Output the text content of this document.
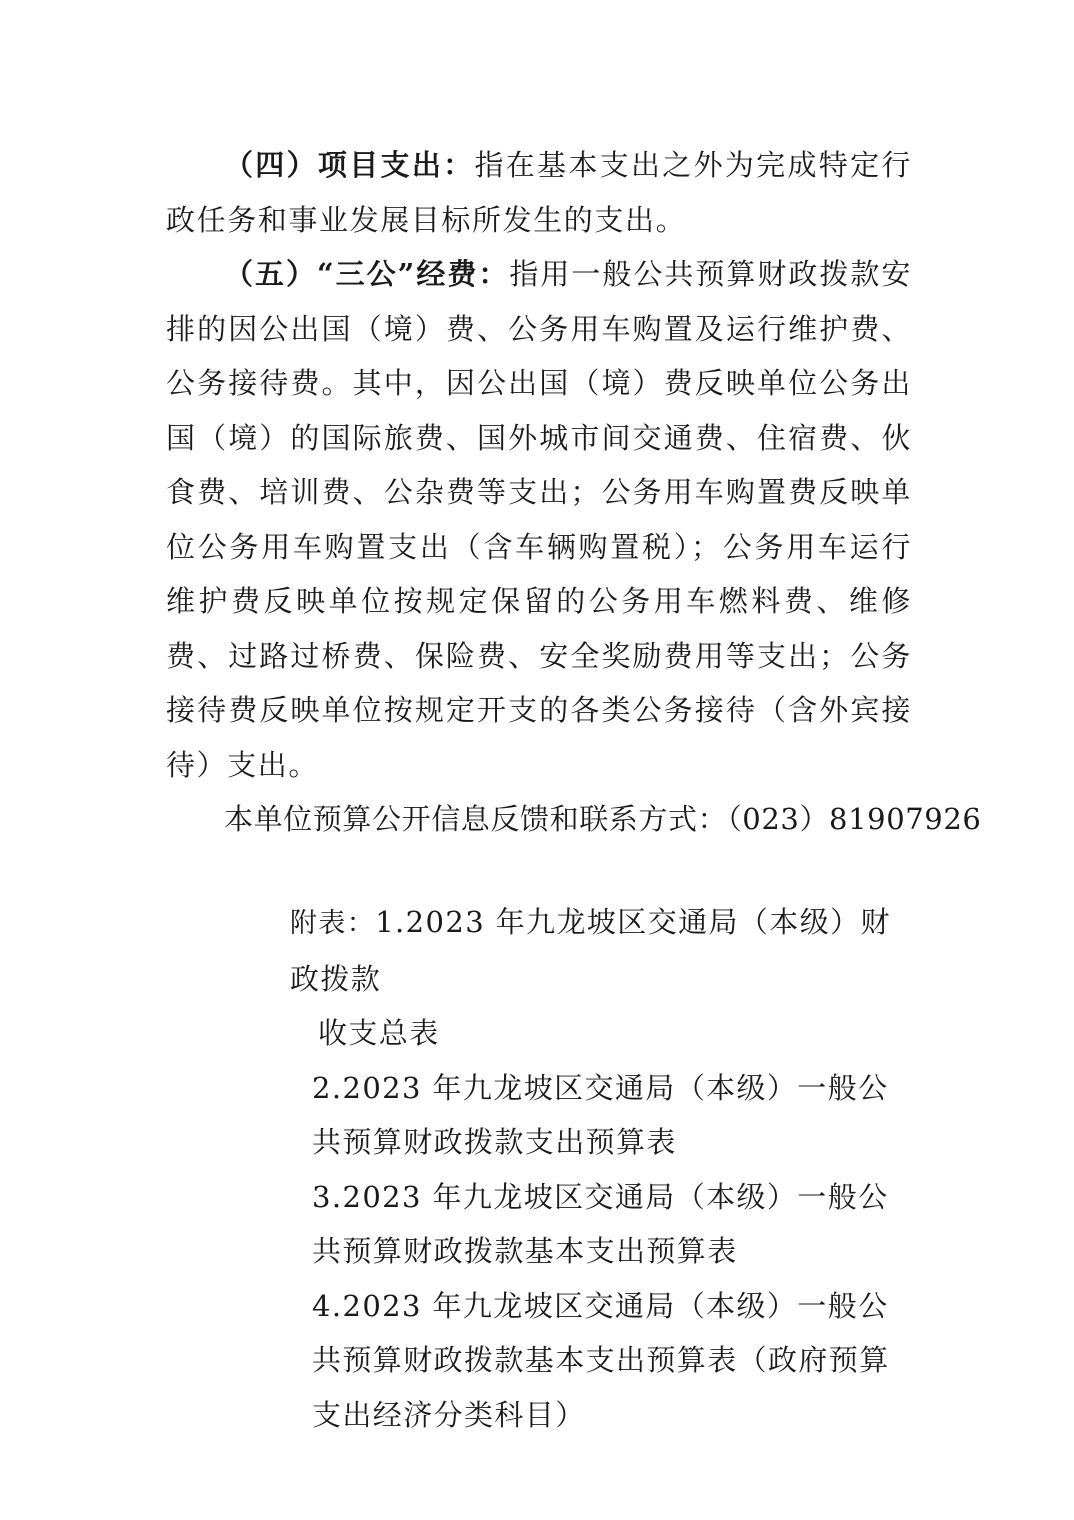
（四）项目支出：指在基本支出之外为完成特定行政任务和事业发展目标所发生的支出。

（五）“三公”经费：指用一般公共预算财政拨款安排的因公出国（境）费、公务用车购置及运行维护费、公务接待费。其中，因公出国（境）费反映单位公务出国（境）的国际旅费、国外城市间交通费、住宿费、伙食费、培训费、公杂费等支出；公务用车购置费反映单位公务用车购置支出（含车辆购置税）；公务用车运行维护费反映单位按规定保留的公务用车燃料费、维修费、过路过桥费、保险费、安全奖励费用等支出；公务接待费反映单位按规定开支的各类公务接待（含外宾接待）支出。

本单位预算公开信息反馈和联系方式：（023）81907926

附表：1.2023 年九龙坡区交通局（本级）财政拨款

收支总表

2.2023 年九龙坡区交通局（本级）一般公共预算财政拨款支出预算表

3.2023 年九龙坡区交通局（本级）一般公共预算财政拨款基本支出预算表

4.2023 年九龙坡区交通局（本级）一般公共预算财政拨款基本支出预算表（政府预算支出经济分类科目）
